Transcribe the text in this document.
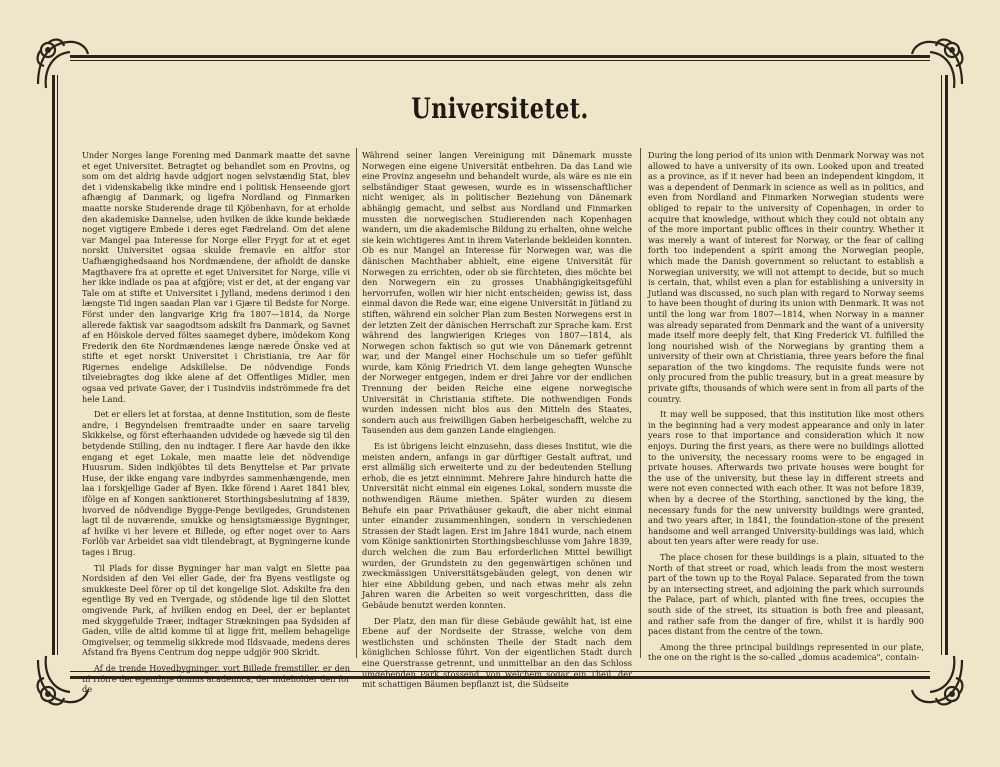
Universitetet.

Under Norges lange Forening med Danmark maatte det savne et eget Universitet. Betragtet og behandlet som en Provins, og som om det aldrig havde udgjort nogen selvstændig Stat, blev det i videnskabelig ikke mindre end i politisk Henseende gjort afhængig af Danmark, og ligefra Nordland og Finmarken maatte norske Studerende drage til Kjöbenhavn, for at erholde den akademiske Dannelse, uden hvilken de ikke kunde beklæde noget vigtigere Embede i deres eget Fædreland. Om det alene var Mangel paa Interesse for Norge eller Frygt for at et eget norskt Universitet ogsaa skulde fremavle en altfor stor Uafhængighedsaand hos Nordmændene, der afholdt de danske Magthavere fra at oprette et eget Universitet for Norge, ville vi her ikke indlade os paa at afgjöre; vist er det, at der engang var Tale om at stifte et Universitet i Jylland, medens derimod i den længste Tid ingen saadan Plan var i Gjære til Bedste for Norge. Först under den langvarige Krig fra 1807—1814, da Norge allerede faktisk var saagodtsom adskilt fra Danmark, og Savnet af en Höiskole derved föltes saameget dybere, imödekom Kong Frederik den 6te Nordmændenes længe nærede Önske ved at stifte et eget norskt Universitet i Christiania, tre Aar för Rigernes endelige Adskillelse. De nödvendige Fonds tilveiebragtes dog ikke alene af det Offentliges Midler, men ogsaa ved private Gaver, der i Tusindviis indströmmede fra det hele Land.

Det er ellers let at forstaa, at denne Institution, som de fleste andre, i Begyndelsen fremtraadte under en saare tarvelig Skikkelse, og först efterhaanden udvidede og hævede sig til den betydende Stilling, den nu indtager. I flere Aar havde den ikke engang et eget Lokale, men maatte leie det nödvendige Huusrum. Siden indkjöbtes til dets Benyttelse et Par private Huse, der ikke engang vare indbyrdes sammenhængende, men laa i forskjellige Gader af Byen. Ikke förend i Aaret 1841 blev, ifölge en af Kongen sanktioneret Storthingsbeslutning af 1839, hvorved de nödvendige Bygge-Penge bevilgedes, Grundstenen lagt til de nuværende, smukke og hensigtsmæssige Bygninger, af hvilke vi her levere et Billede, og efter noget over to Aars Forlöb var Arbeidet saa vidt tilendebragt, at Bygningerne kunde tages i Brug.

Til Plads for disse Bygninger har man valgt en Slette paa Nordsiden af den Vei eller Gade, der fra Byens vestligste og smukkeste Deel förer op til det kongelige Slot. Adskilte fra den egentlige By ved en Tvergade, og stödende lige til den Slottet omgivende Park, af hvilken endog en Deel, der er beplantet med skyggefulde Træer, indtager Strækningen paa Sydsiden af Gaden, ville de altid komme til at ligge frit, mellem behagelige Omgivelser, og temmelig sikkrede mod Ildsvaade, medens deres Afstand fra Byens Centrum dog neppe udgjör 900 Skridt.

Af de trende Hovedbygninger, vort Billede fremstiller, er den til Höire det egentlige domus academica, der indeholder den for de

Während seiner langen Vereinigung mit Dänemark musste Norwegen eine eigene Universität entbehren. Da das Land wie eine Provinz angesehn und behandelt wurde, als wäre es nie ein selbständiger Staat gewesen, wurde es in wissenschaftlicher nicht weniger, als in politischer Beziehung von Dänemark abhängig gemacht, und selbst aus Nordland und Finmarken mussten die norwegischen Studierenden nach Kopenhagen wandern, um die akademische Bildung zu erhalten, ohne welche sie kein wichtigeres Amt in ihrem Vaterlande bekleiden konnten. Ob es nur Mangel an Interesse für Norwegen war, was die dänischen Machthaber abhielt, eine eigene Universität für Norwegen zu errichten, oder ob sie fürchteten, dies möchte bei den Norwegern ein zu grosses Unabhängigkeitsgefühl hervorrufen, wollen wir hier nicht entscheiden; gewiss ist, dass einmal davon die Rede war, eine eigene Universität in Jütland zu stiften, während ein solcher Plan zum Besten Norwegens erst in der letzten Zeit der dänischen Herrschaft zur Sprache kam. Erst während des langwierigen Krieges von 1807—1814, als Norwegen schon faktisch so gut wie von Dänemark getrennt war, und der Mangel einer Hochschule um so tiefer gefühlt wurde, kam König Friedrich VI. dem lange gehegten Wunsche der Norweger entgegen, indem er drei Jahre vor der endlichen Trennung der beiden Reiche eine eigene norwegische Universität in Christiania stiftete. Die nothwendigen Fonds wurden indessen nicht blos aus den Mitteln des Staates, sondern auch aus freiwilligen Gaben herbeigeschafft, welche zu Tausenden aus dem ganzen Lande eingiengen.

Es ist übrigens leicht einzusehn, dass dieses Institut, wie die meisten andern, anfangs in gar dürftiger Gestalt auftrat, und erst allmälig sich erweiterte und zu der bedeutenden Stellung erhob, die es jetzt einnimmt. Mehrere Jahre hindurch hatte die Universität nicht einmal ein eigenes Lokal, sondern musste die nothwendigen Räume miethen. Später wurden zu diesem Behufe ein paar Privathäuser gekauft, die aber nicht einmal unter einander zusammenhingen, sondern in verschiedenen Strassen der Stadt lagen. Erst im Jahre 1841 wurde, nach einem vom Könige sanktionirten Storthingsbeschlusse vom Jahre 1839, durch welchen die zum Bau erforderlichen Mittel bewilligt wurden, der Grundstein zu den gegenwärtigen schönen und zweckmässigen Universitätsgebäuden gelegt, von denen wir hier eine Abbildung geben, und nach etwas mehr als zehn Jahren waren die Arbeiten so weit vorgeschritten, dass die Gebäude benutzt werden konnten.

Der Platz, den man für diese Gebäude gewählt hat, ist eine Ebene auf der Nordseite der Strasse, welche von dem westlichsten und schönsten Theile der Stadt nach dem königlichen Schlosse führt. Von der eigentlichen Stadt durch eine Querstrasse getrennt, und unmittelbar an den das Schloss umgebenden Park stossend, von welchem sogar ein Theil, der mit schattigen Bäumen bepflanzt ist, die Südseite

During the long period of its union with Denmark Norway was not allowed to have a university of its own. Looked upon and treated as a province, as if it never had been an independent kingdom, it was a dependent of Denmark in science as well as in politics, and even from Nordland and Finmarken Norwegian students were obliged to repair to the university of Copenhagen, in order to acquire that knowledge, without which they could not obtain any of the more important public offices in their country. Whether it was merely a want of interest for Norway, or the fear of calling forth too independent a spirit among the Norwegian people, which made the Danish government so reluctant to establish a Norwegian university, we will not attempt to decide, but so much is certain, that, whilst even a plan for establishing a university in Jutland was discussed, no such plan with regard to Norway seems to have been thought of during its union with Denmark. It was not until the long war from 1807—1814, when Norway in a manner was already separated from Denmark and the want of a university made itself more deeply felt, that King Frederick VI. fulfilled the long nourished wish of the Norwegians by granting them a university of their own at Christiania, three years before the final separation of the two kingdoms. The requisite funds were not only procured from the public treasury, but in a great measure by private gifts, thousands of which were sent in from all parts of the country.

It may well be supposed, that this institution like most others in the beginning had a very modest appearance and only in later years rose to that importance and consideration which it now enjoys. During the first years, as there were no buildings allotted to the university, the necessary rooms were to be engaged in private houses. Afterwards two private houses were bought for the use of the university, but these lay in different streets and were not even connected with each other. It was not before 1839, when by a decree of the Storthing, sanctioned by the king, the necessary funds for the new university buildings were granted, and two years after, in 1841, the foundation-stone of the present handsome and well arranged University-buildings was laid, which about ten years after were ready for use.

The place chosen for these buildings is a plain, situated to the North of that street or road, which leads from the most western part of the town up to the Royal Palace. Separated from the town by an intersecting street, and adjoining the park which surrounds the Palace, part of which, planted with fine trees, occupies the south side of the street, its situation is both free and pleasant, and rather safe from the danger of fire, whilst it is hardly 900 paces distant from the centre of the town.

Among the three principal buildings represented in our plate, the one on the right is the so-called „domus academica", contain-
